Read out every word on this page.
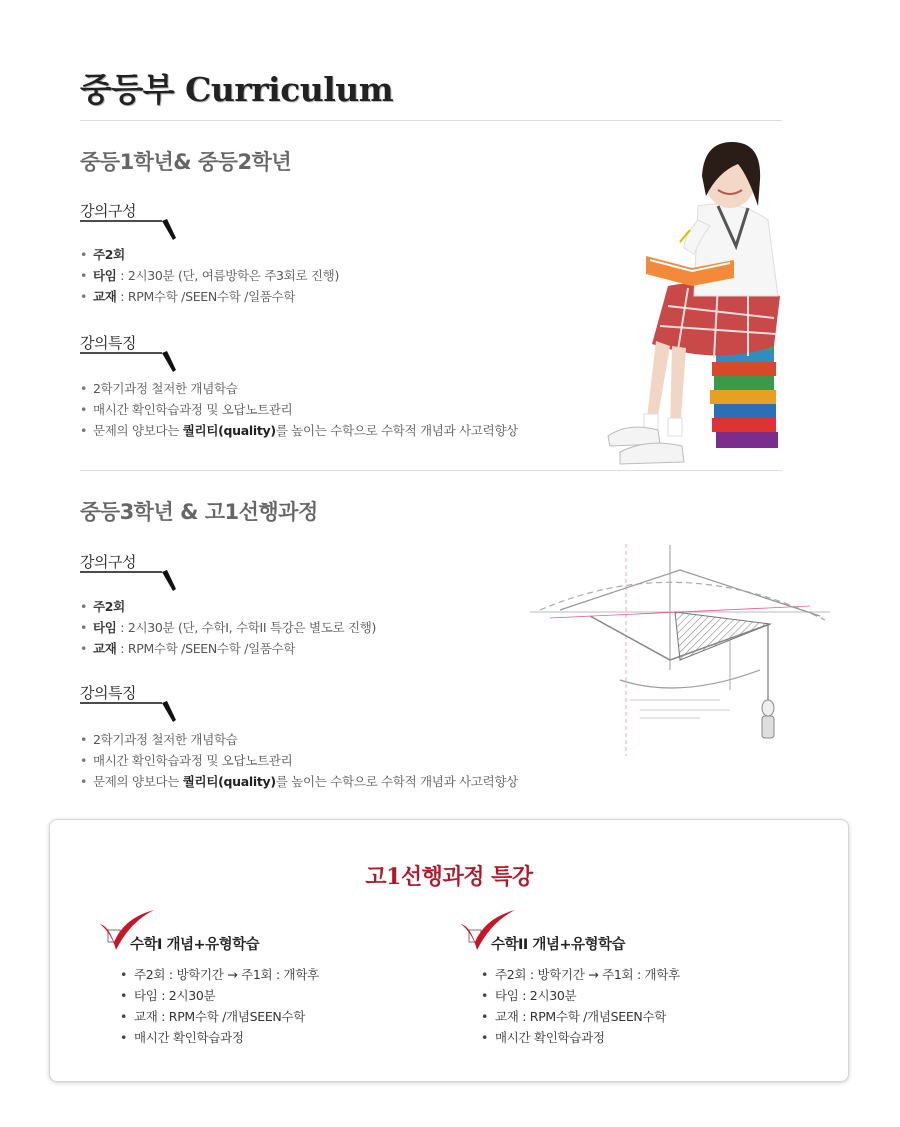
중등부 Curriculum
중등1학년& 중등2학년
강의구성
• 주2회
• 타임 : 2시30분 (단, 여름방학은 주3회로 진행)
• 교재 : RPM수학 /SEEN수학 /일품수학
강의특징
• 2학기과정 철저한 개념학습
• 매시간 확인학습과정 및 오답노트관리
• 문제의 양보다는 퀄리티(quality)를 높이는 수학으로 수학적 개념과 사고력향상
중등3학년 & 고1선행과정
강의구성
• 주2회
• 타임 : 2시30분 (단, 수학I, 수학II 특강은 별도로 진행)
• 교재 : RPM수학 /SEEN수학 /일품수학
강의특징
• 2학기과정 철저한 개념학습
• 매시간 확인학습과정 및 오답노트관리
• 문제의 양보다는 퀄리티(quality)를 높이는 수학으로 수학적 개념과 사고력향상
고1선행과정 특강
수학I 개념+유형학습
• 주2회 : 방학기간 → 주1회 : 개학후
• 타임 : 2시30분
• 교재 : RPM수학 /개념SEEN수학
• 매시간 확인학습과정
수학II 개념+유형학습
• 주2회 : 방학기간 → 주1회 : 개학후
• 타임 : 2시30분
• 교재 : RPM수학 /개념SEEN수학
• 매시간 확인학습과정
